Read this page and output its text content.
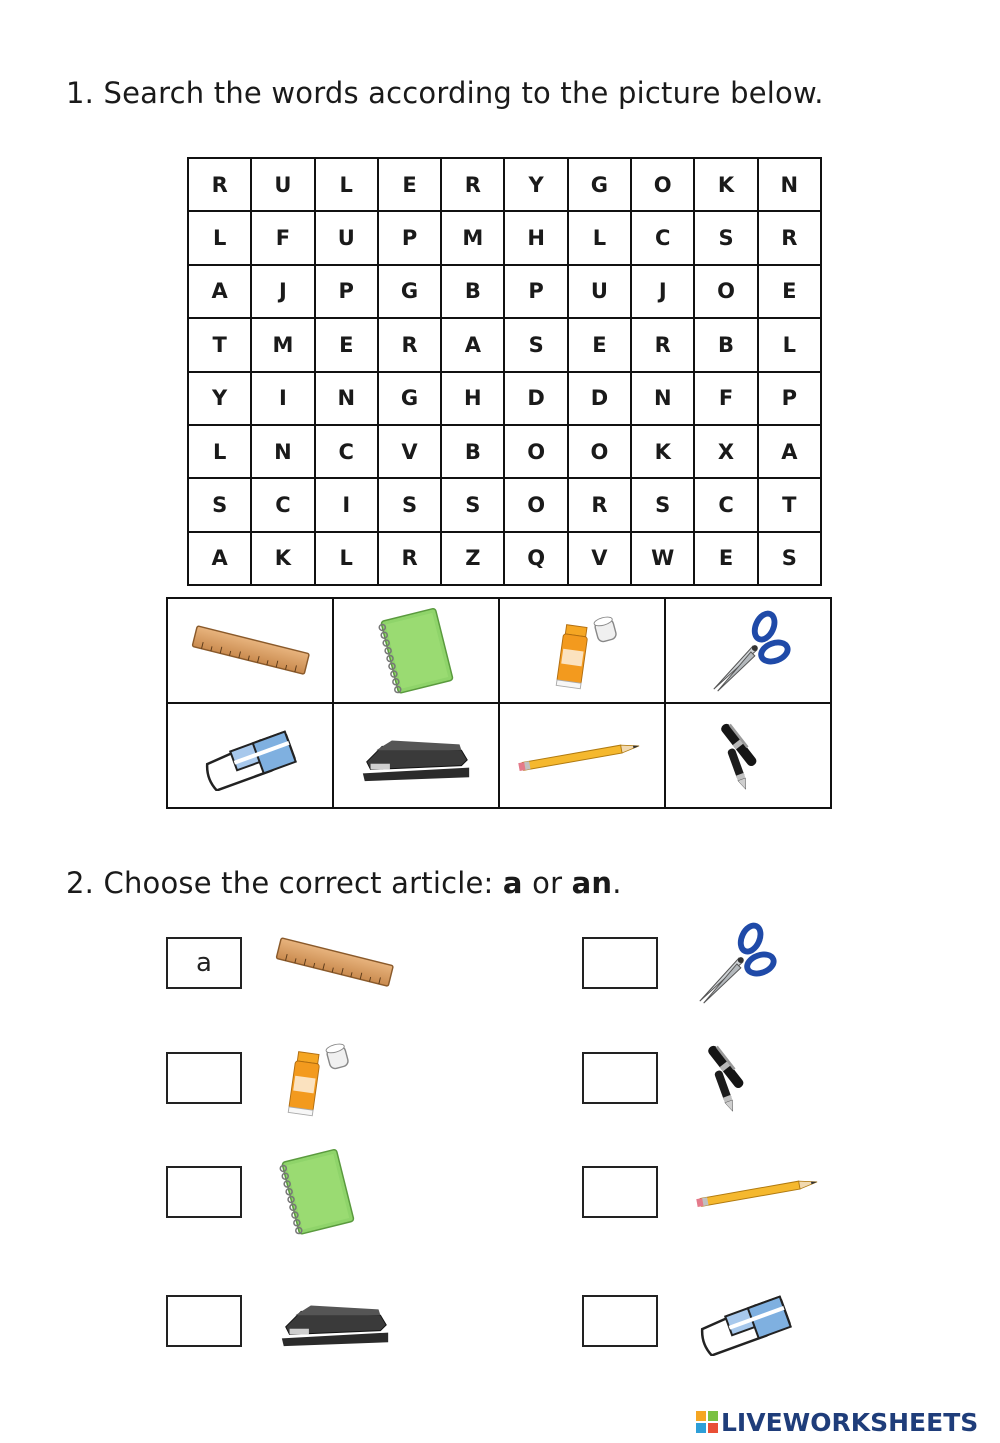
1. Search the words according to the picture below.
R	U	L	E	R	Y	G	O	K	N
L	F	U	P	M	H	L	C	S	R
A	J	P	G	B	P	U	J	O	E
T	M	E	R	A	S	E	R	B	L
Y	I	N	G	H	D	D	N	F	P
L	N	C	V	B	O	O	K	X	A
S	C	I	S	S	O	R	S	C	T
A	K	L	R	Z	Q	V	W	E	S

2. Choose the correct article: a or an.
a
LIVEWORKSHEETS
